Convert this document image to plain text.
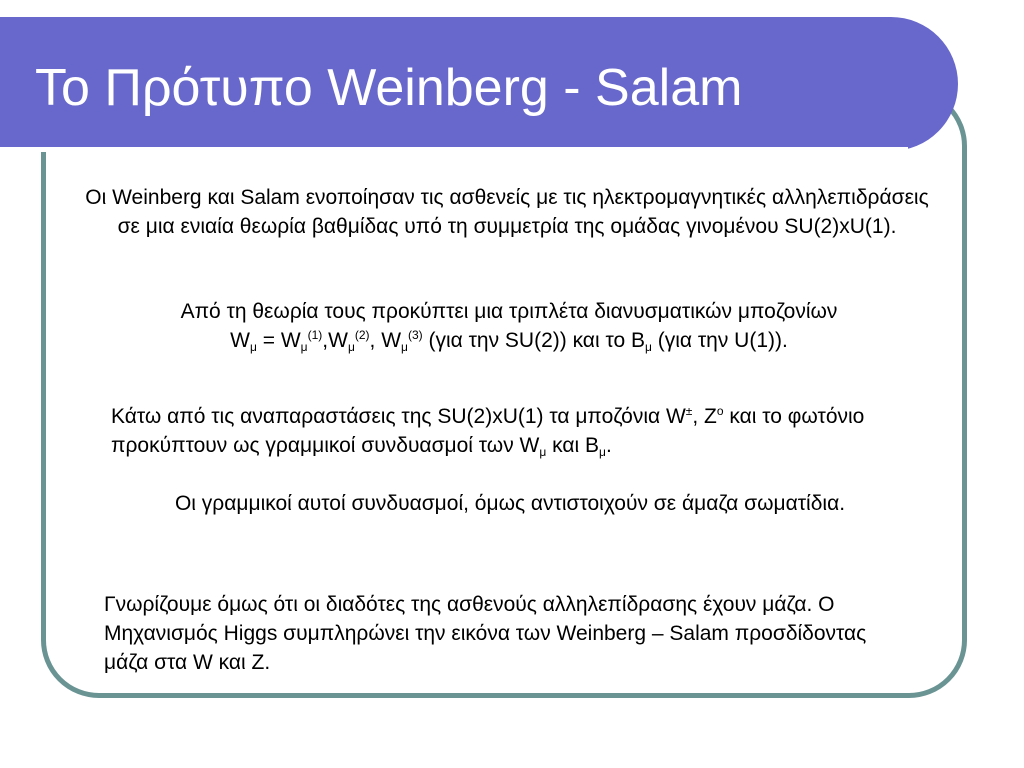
Το Πρότυπο Weinberg - Salam

Οι Weinberg και Salam ενοποίησαν τις ασθενείς με τις ηλεκτρομαγνητικές αλληλεπιδράσεις σε μια ενιαία θεωρία βαθμίδας υπό τη συμμετρία της ομάδας γινομένου SU(2)xU(1).

Από τη θεωρία τους προκύπτει μια τριπλέτα διανυσματικών μποζονίων
$W_\mu = W_\mu^{(1)},W_\mu^{(2)}$, $W_\mu^{(3)}$ (για την SU(2)) και το $B_\mu$ (για την U(1)).

Κάτω από τις αναπαραστάσεις της SU(2)xU(1) τα μποζόνια W±, $Z^o$ και το φωτόνιο προκύπτουν ως γραμμικοί συνδυασμοί των $W_\mu$ και $B_\mu$.

Οι γραμμικοί αυτοί συνδυασμοί, όμως αντιστοιχούν σε άμαζα σωματίδια.

Γνωρίζουμε όμως ότι οι διαδότες της ασθενούς αλληλεπίδρασης έχουν μάζα. Ο Μηχανισμός Higgs συμπληρώνει την εικόνα των Weinberg – Salam προσδίδοντας μάζα στα W και Z.
